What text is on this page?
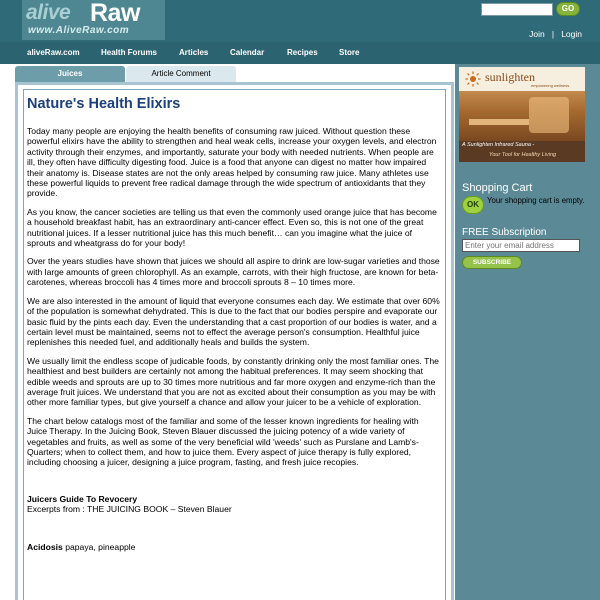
alive Raw
www.AliveRaw.com
GO
Join | Login
aliveRaw.com	Health Forums	Articles	Calendar	Recipes	Store
Juices	Article Comment
Nature's Health Elixirs

Today many people are enjoying the health benefits of consuming raw juiced. Without question these powerful elixirs have the ability to strengthen and heal weak cells, increase your oxygen levels, and electron activity through their enzymes, and importantly, saturate your body with needed nutrients. When people are ill, they often have difficulty digesting food. Juice is a food that anyone can digest no matter how impaired their anatomy is. Disease states are not the only areas helped by consuming raw juice. Many athletes use these powerful liquids to prevent free radical damage through the wide spectrum of antioxidants that they provide.

As you know, the cancer societies are telling us that even the commonly used orange juice that has become a household breakfast habit, has an extraordinary anti-cancer effect. Even so, this is not one of the great nutritional juices. If a lesser nutritional juice has this much benefit… can you imagine what the juice of sprouts and wheatgrass do for your body!

Over the years studies have shown that juices we should all aspire to drink are low-sugar varieties and those with large amounts of green chlorophyll. As an example, carrots, with their high fructose, are known for beta-carotenes, whereas broccoli has 4 times more and broccoli sprouts 8 – 10 times more.

We are also interested in the amount of liquid that everyone consumes each day. We estimate that over 60% of the population is somewhat dehydrated. This is due to the fact that our bodies perspire and evaporate our basic fluid by the pints each day. Even the understanding that a cast proportion of our bodies is water, and a certain level must be maintained, seems not to effect the average person's consumption. Healthful juice replenishes this needed fuel, and additionally heals and builds the system.

We usually limit the endless scope of judicable foods, by constantly drinking only the most familiar ones. The healthiest and best builders are certainly not among the habitual preferences. It may seem shocking that edible weeds and sprouts are up to 30 times more nutritious and far more oxygen and enzyme-rich than the average fruit juices. We understand that you are not as excited about their consumption as you may be with other more familiar types, but give yourself a chance and allow your juicer to be a vehicle of exploration.

The chart below catalogs most of the familiar and some of the lesser known ingredients for healing with Juice Therapy. In the Juicing Book, Steven Blauer discussed the juicing potency of a wide variety of vegetables and fruits, as well as some of the very beneficial wild 'weeds' such as Purslane and Lamb's-Quarters; when to collect them, and how to juice them. Every aspect of juice therapy is fully explored, including choosing a juicer, designing a juice program, fasting, and fresh juice recopies.

Juicers Guide To Revocery
Excerpts from : THE JUICING BOOK – Steven Blauer
Acidosis papaya, pineapple
sunlighten
empowering wellness
A Sunlighten Infrared Sauna -
Your Tool for Healthy Living
Shopping Cart
OK	Your shopping cart is empty.
FREE Subscription
Enter your email address
SUBSCRIBE
